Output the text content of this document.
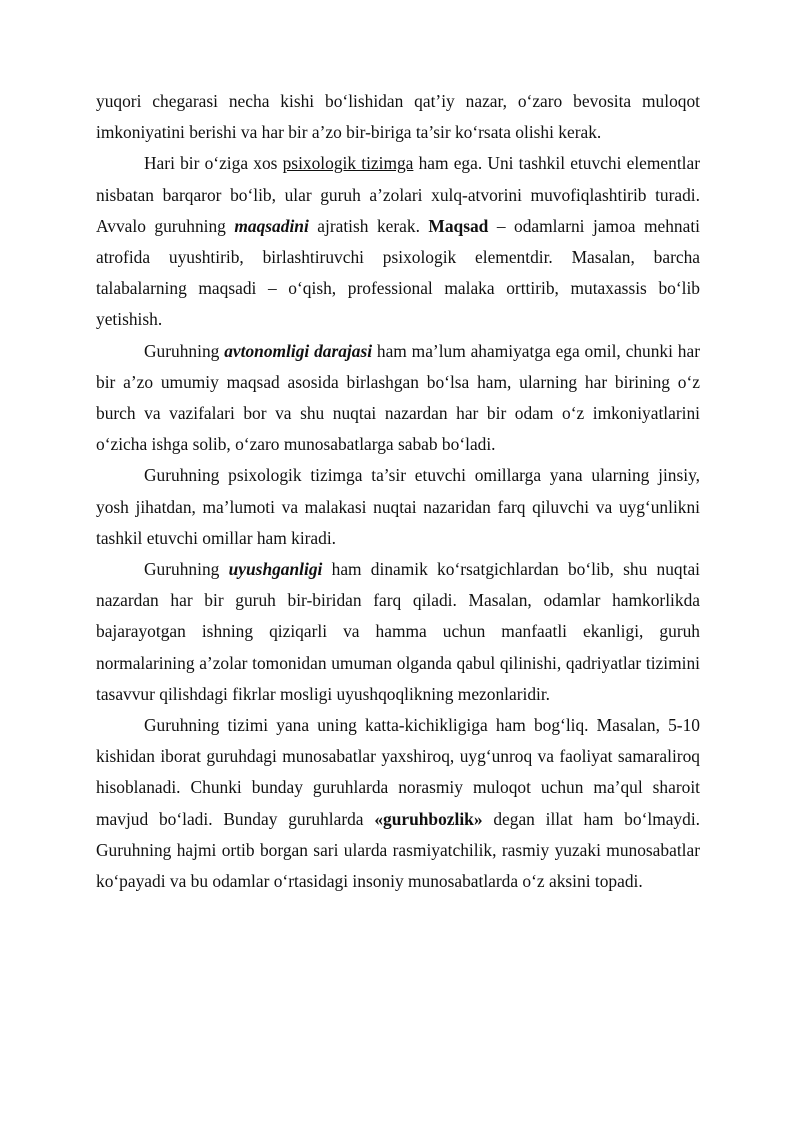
yuqori chegarasi necha kishi bo‘lishidan qat’iy nazar, o‘zaro bevosita muloqot imkoniyatini berishi va har bir a’zo bir-biriga ta’sir ko‘rsata olishi kerak.

Hari bir o‘ziga xos psixologik tizimga ham ega. Uni tashkil etuvchi elementlar nisbatan barqaror bo‘lib, ular guruh a’zolari xulq-atvorini muvofiqlashtirib turadi. Avvalo guruhning maqsadini ajratish kerak. Maqsad – odamlarni jamoa mehnati atrofida uyushtirib, birlashtiruvchi psixologik elementdir. Masalan, barcha talabalarning maqsadi – o‘qish, professional malaka orttirib, mutaxassis bo‘lib yetishish.

Guruhning avtonomligi darajasi ham ma’lum ahamiyatga ega omil, chunki har bir a’zo umumiy maqsad asosida birlashgan bo‘lsa ham, ularning har birining o‘z burch va vazifalari bor va shu nuqtai nazardan har bir odam o‘z imkoniyatlarini o‘zicha ishga solib, o‘zaro munosabatlarga sabab bo‘ladi.

Guruhning psixologik tizimga ta’sir etuvchi omillarga yana ularning jinsiy, yosh jihatdan, ma’lumoti va malakasi nuqtai nazaridan farq qiluvchi va uyg‘unlikni tashkil etuvchi omillar ham kiradi.

Guruhning uyushganligi ham dinamik ko‘rsatgichlardan bo‘lib, shu nuqtai nazardan har bir guruh bir-biridan farq qiladi. Masalan, odamlar hamkorlikda bajarayotgan ishning qiziqarli va hamma uchun manfaatli ekanligi, guruh normalarining a’zolar tomonidan umuman olganda qabul qilinishi, qadriyatlar tizimini tasavvur qilishdagi fikrlar mosligi uyushqoqlikning mezonlaridir.

Guruhning tizimi yana uning katta-kichikligiga ham bog‘liq. Masalan, 5-10 kishidan iborat guruhdagi munosabatlar yaxshiroq, uyg‘unroq va faoliyat samaraliroq hisoblanadi. Chunki bunday guruhlarda norasmiy muloqot uchun ma’qul sharoit mavjud bo‘ladi. Bunday guruhlarda «guruhbozlik» degan illat ham bo‘lmaydi. Guruhning hajmi ortib borgan sari ularda rasmiyatchilik, rasmiy yuzaki munosabatlar ko‘payadi va bu odamlar o‘rtasidagi insoniy munosabatlarda o‘z aksini topadi.
